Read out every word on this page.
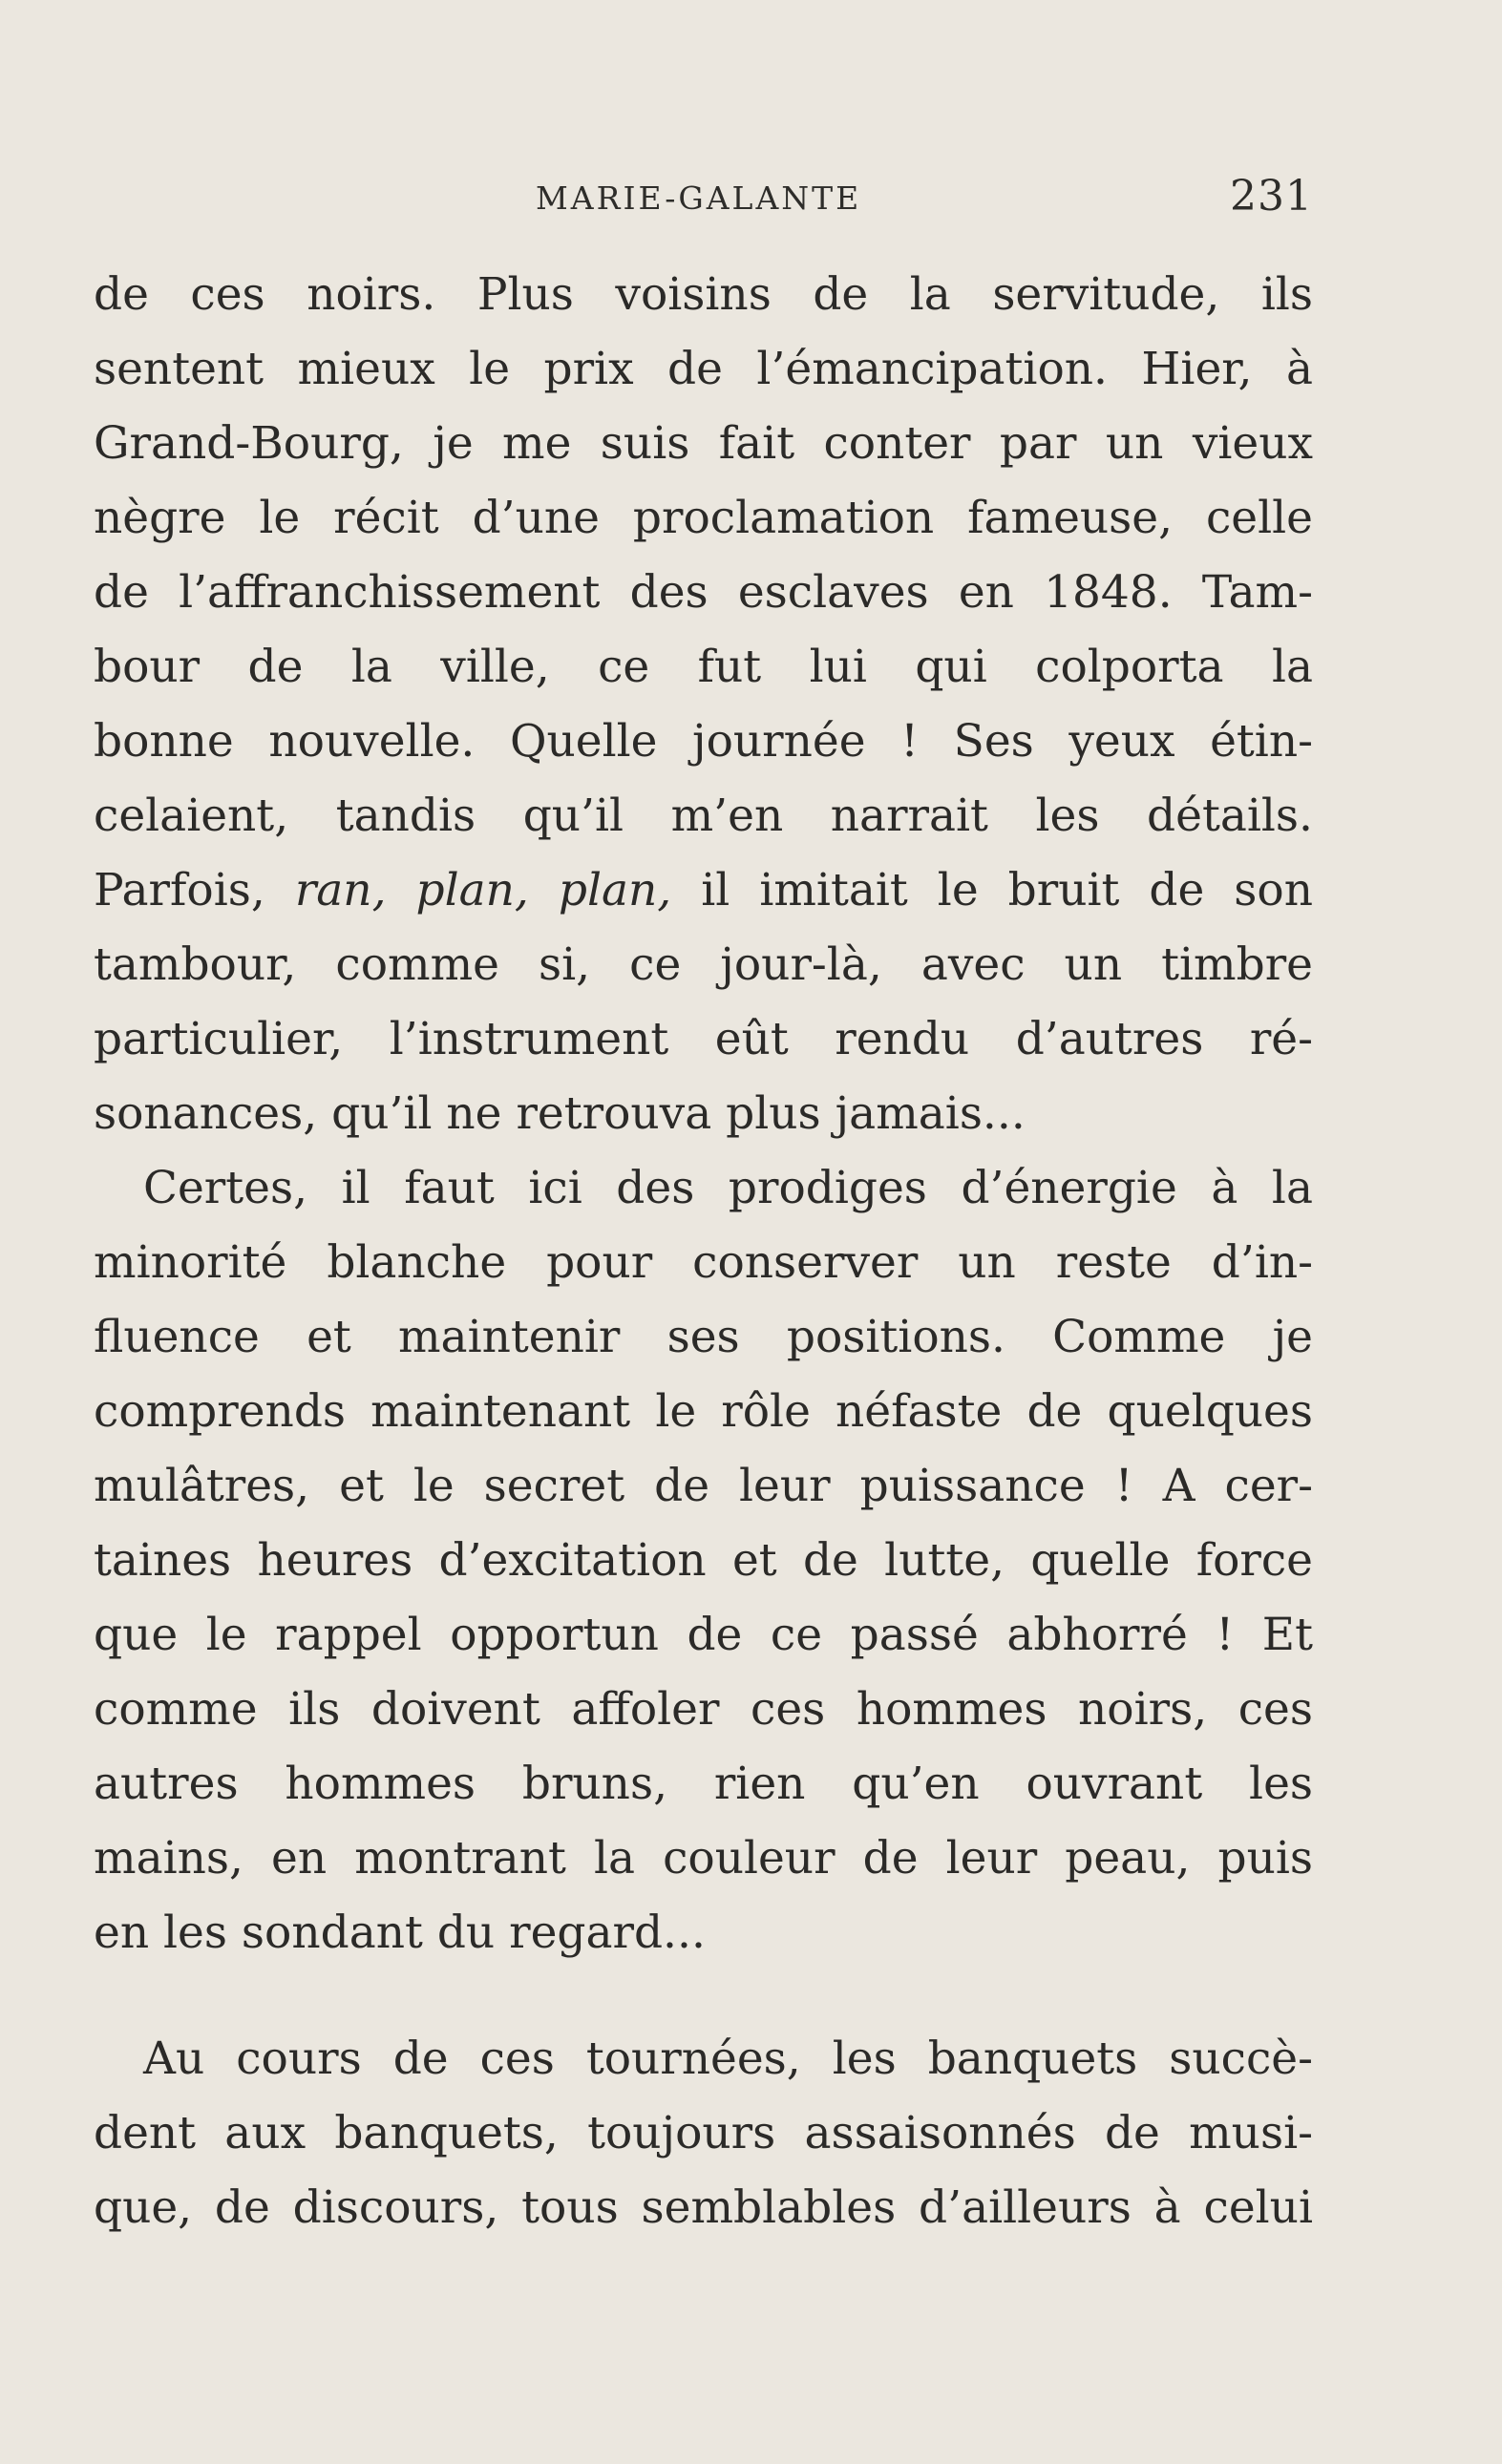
MARIE-GALANTE	231
de ces noirs. Plus voisins de la servitude, ils
sentent mieux le prix de l’émancipation. Hier, à
Grand-Bourg, je me suis fait conter par un vieux
nègre le récit d’une proclamation fameuse, celle
de l’affranchissement des esclaves en 1848. Tam-
bour de la ville, ce fut lui qui colporta la
bonne nouvelle. Quelle journée ! Ses yeux étin-
celaient, tandis qu’il m’en narrait les détails.
Parfois, ran, plan, plan, il imitait le bruit de son
tambour, comme si, ce jour-là, avec un timbre
particulier, l’instrument eût rendu d’autres ré-
sonances, qu’il ne retrouva plus jamais...
Certes, il faut ici des prodiges d’énergie à la
minorité blanche pour conserver un reste d’in-
fluence et maintenir ses positions. Comme je
comprends maintenant le rôle néfaste de quelques
mulâtres, et le secret de leur puissance ! A cer-
taines heures d’excitation et de lutte, quelle force
que le rappel opportun de ce passé abhorré ! Et
comme ils doivent affoler ces hommes noirs, ces
autres hommes bruns, rien qu’en ouvrant les
mains, en montrant la couleur de leur peau, puis
en les sondant du regard...
Au cours de ces tournées, les banquets succè-
dent aux banquets, toujours assaisonnés de musi-
que, de discours, tous semblables d’ailleurs à celui
